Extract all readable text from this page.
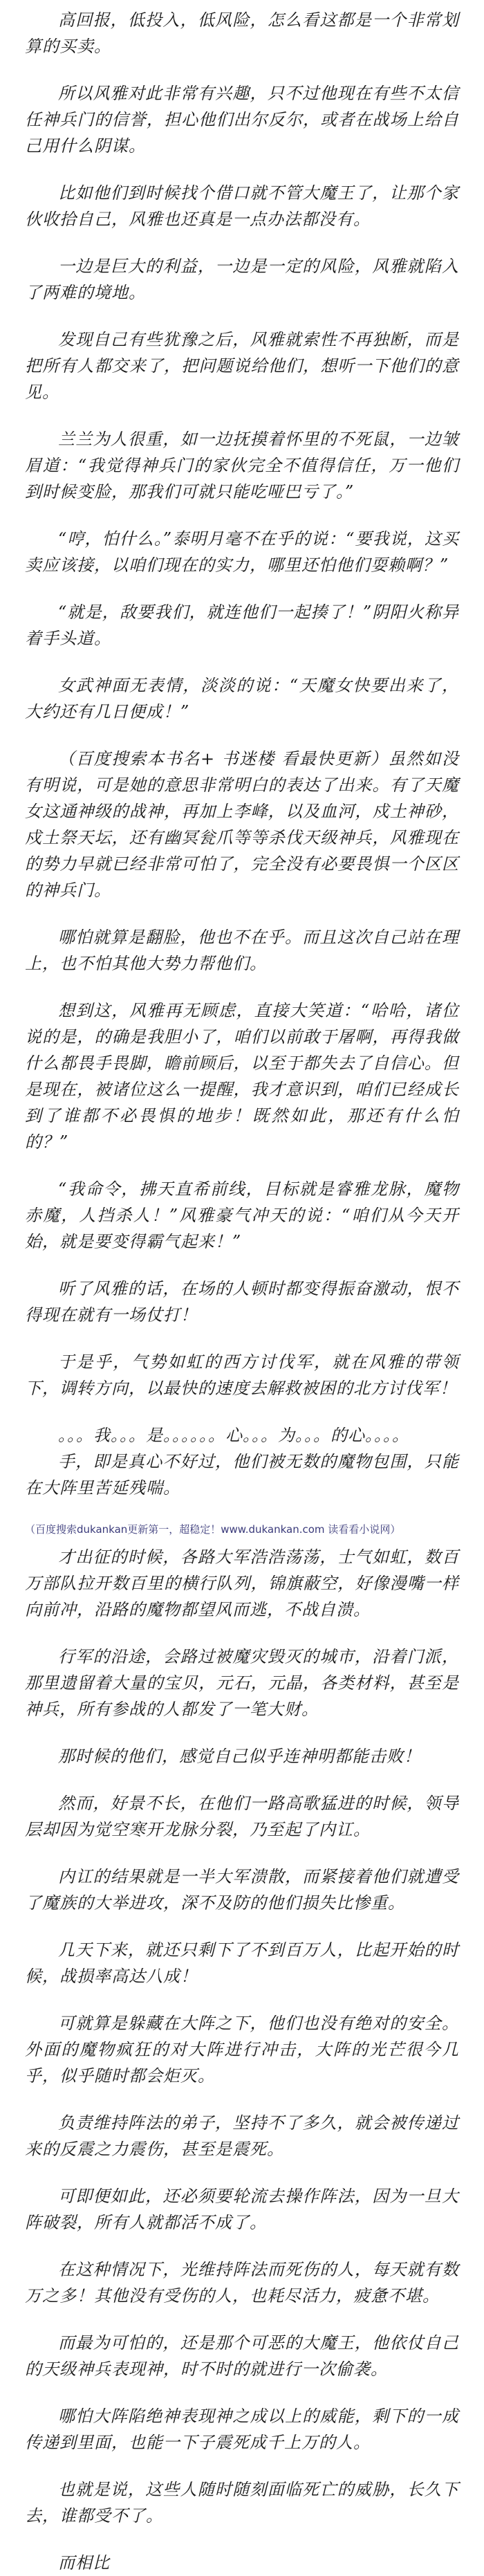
高回报，低投入，低风险，怎么看这都是一个非常划算的买卖。

所以风雅对此非常有兴趣，只不过他现在有些不太信任神兵门的信誉，担心他们出尔反尔，或者在战场上给自己用什么阴谋。

比如他们到时候找个借口就不管大魔王了，让那个家伙收拾自己，风雅也还真是一点办法都没有。

一边是巨大的利益，一边是一定的风险，风雅就陷入了两难的境地。

发现自己有些犹豫之后，风雅就索性不再独断，而是把所有人都交来了，把问题说给他们，想听一下他们的意见。

兰兰为人很重，如一边抚摸着怀里的不死鼠，一边皱眉道：“我觉得神兵门的家伙完全不值得信任，万一他们到时候变脸，那我们可就只能吃哑巴亏了。”

“哼，怕什么。”泰明月毫不在乎的说：“要我说，这买卖应该接，以咱们现在的实力，哪里还怕他们耍赖啊？”

“就是，敌要我们，就连他们一起揍了！”阴阳火称异着手头道。

女武神面无表情，淡淡的说：“天魔女快要出来了，大约还有几日便成！”

（百度搜索本书名+ 书迷楼 看最快更新）虽然如没有明说，可是她的意思非常明白的表达了出来。有了天魔女这通神级的战神，再加上李峰，以及血河，戍土神砂，戍土祭天坛，还有幽冥瓮爪等等杀伐天级神兵，风雅现在的势力早就已经非常可怕了，完全没有必要畏惧一个区区的神兵门。

哪怕就算是翻脸，他也不在乎。而且这次自己站在理上，也不怕其他大势力帮他们。

想到这，风雅再无顾虑，直接大笑道：“哈哈，诸位说的是，的确是我胆小了，咱们以前敢于屠啊，再得我做什么都畏手畏脚，瞻前顾后，以至于都失去了自信心。但是现在，被诸位这么一提醒，我才意识到，咱们已经成长到了谁都不必畏惧的地步！既然如此，那还有什么怕的？”

“我命令，拂天直希前线，目标就是睿雅龙脉，魔物赤魔，人挡杀人！”风雅豪气冲天的说：“咱们从今天开始，就是要变得霸气起来！”

听了风雅的话，在场的人顿时都变得振奋激动，恨不得现在就有一场仗打！

于是乎，气势如虹的西方讨伐军，就在风雅的带领下，调转方向，以最快的速度去解救被困的北方讨伐军！

。。。我。。。是。。。。。。心。。。为。。。的心。。。。

手，即是真心不好过，他们被无数的魔物包围，只能在大阵里苦延残喘。

（百度搜索dukankan更新第一，超稳定！www.dukankan.com 读看看小说网）

才出征的时候，各路大军浩浩荡荡，士气如虹，数百万部队拉开数百里的横行队列，锦旗蔽空，好像漫嘴一样向前冲，沿路的魔物都望风而逃，不战自溃。

行军的沿途，会路过被魔灾毁灭的城市，沿着门派，那里遗留着大量的宝贝，元石，元晶，各类材料，甚至是神兵，所有参战的人都发了一笔大财。

那时候的他们，感觉自己似乎连神明都能击败！

然而，好景不长，在他们一路高歌猛进的时候，领导层却因为觉空寒开龙脉分裂，乃至起了内讧。

内讧的结果就是一半大军溃散，而紧接着他们就遭受了魔族的大举进攻，深不及防的他们损失比惨重。

几天下来，就还只剩下了不到百万人，比起开始的时候，战损率高达八成！

可就算是躲藏在大阵之下，他们也没有绝对的安全。外面的魔物疯狂的对大阵进行冲击，大阵的光芒很今几乎，似乎随时都会炬灭。

负责维持阵法的弟子，坚持不了多久，就会被传递过来的反震之力震伤，甚至是震死。

可即便如此，还必须要轮流去操作阵法，因为一旦大阵破裂，所有人就都活不成了。

在这种情况下，光维持阵法而死伤的人，每天就有数万之多！其他没有受伤的人，也耗尽活力，疲惫不堪。

而最为可怕的，还是那个可恶的大魔王，他依仗自己的天级神兵表现神，时不时的就进行一次偷袭。

哪怕大阵陷绝神表现神之成以上的威能，剩下的一成传递到里面，也能一下子震死成千上万的人。

也就是说，这些人随时随刻面临死亡的威胁，长久下去，谁都受不了。

而相比
